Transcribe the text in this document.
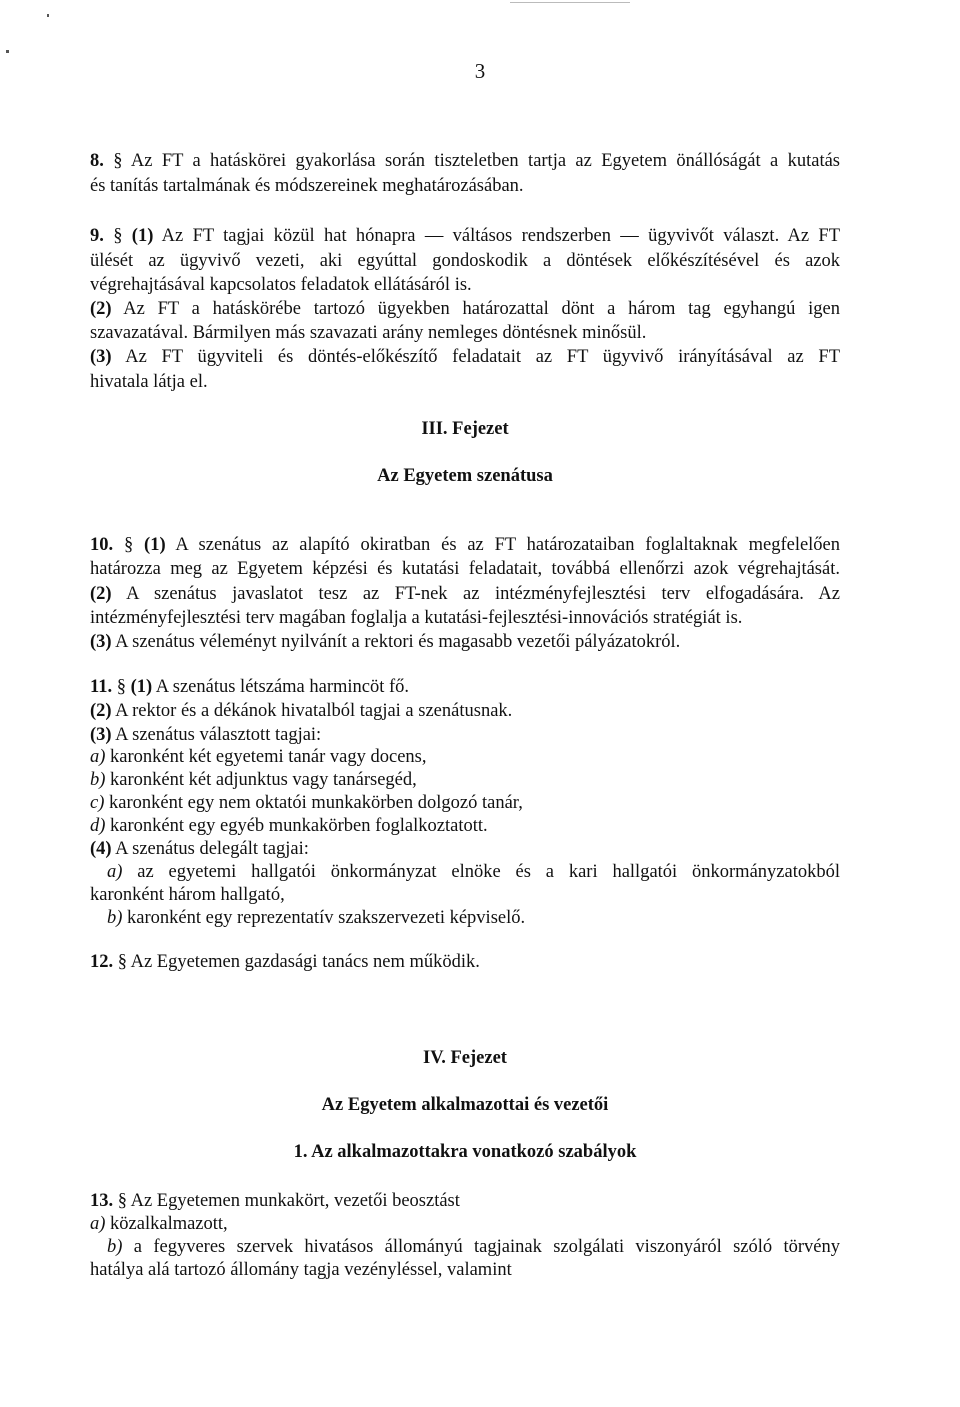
3

8. § Az FT a hatáskörei gyakorlása során tiszteletben tartja az Egyetem önállóságát a kutatás

és tanítás tartalmának és módszereinek meghatározásában.

9. § (1) Az FT tagjai közül hat hónapra — váltásos rendszerben — ügyvivőt választ. Az FT

ülését az ügyvivő vezeti, aki egyúttal gondoskodik a döntések előkészítésével és azok

végrehajtásával kapcsolatos feladatok ellátásáról is.

(2) Az FT a hatáskörébe tartozó ügyekben határozattal dönt a három tag egyhangú igen

szavazatával. Bármilyen más szavazati arány nemleges döntésnek minősül.

(3) Az FT ügyviteli és döntés-előkészítő feladatait az FT ügyvivő irányításával az FT

hivatala látja el.

III. Fejezet

Az Egyetem szenátusa

10. § (1) A szenátus az alapító okiratban és az FT határozataiban foglaltaknak megfelelően

határozza meg az Egyetem képzési és kutatási feladatait, továbbá ellenőrzi azok végrehajtását.

(2) A szenátus javaslatot tesz az FT-nek az intézményfejlesztési terv elfogadására. Az

intézményfejlesztési terv magában foglalja a kutatási-fejlesztési-innovációs stratégiát is.

(3) A szenátus véleményt nyilvánít a rektori és magasabb vezetői pályázatokról.

11. § (1) A szenátus létszáma harmincöt fő.

(2) A rektor és a dékánok hivatalból tagjai a szenátusnak.

(3) A szenátus választott tagjai:

a) karonként két egyetemi tanár vagy docens,

b) karonként két adjunktus vagy tanársegéd,

c) karonként egy nem oktatói munkakörben dolgozó tanár,

d) karonként egy egyéb munkakörben foglalkoztatott.

(4) A szenátus delegált tagjai:

a) az egyetemi hallgatói önkormányzat elnöke és a kari hallgatói önkormányzatokból

karonként három hallgató,

b) karonként egy reprezentatív szakszervezeti képviselő.

12. § Az Egyetemen gazdasági tanács nem működik.

IV. Fejezet

Az Egyetem alkalmazottai és vezetői

1. Az alkalmazottakra vonatkozó szabályok

13. § Az Egyetemen munkakört, vezetői beosztást

a) közalkalmazott,

b) a fegyveres szervek hivatásos állományú tagjainak szolgálati viszonyáról szóló törvény

hatálya alá tartozó állomány tagja vezényléssel, valamint
